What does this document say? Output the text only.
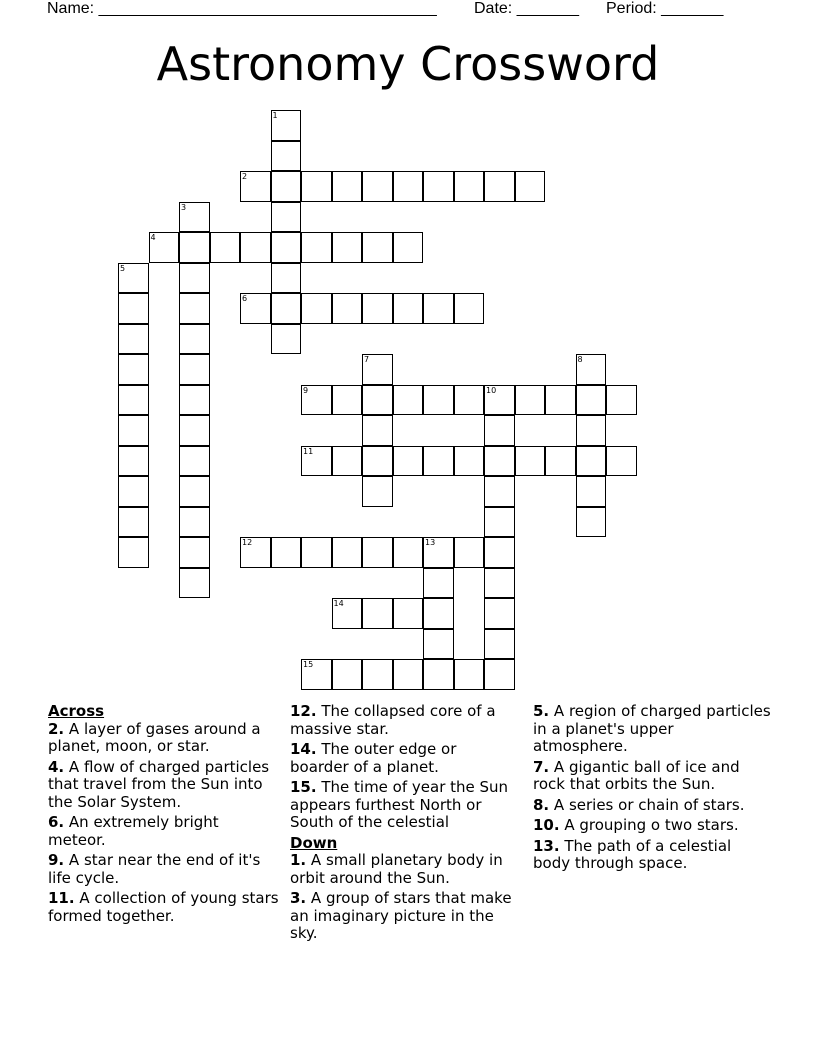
Name: ______________________________________ Date: _______ Period: _______
Astronomy Crossword
1
2
3
4
5
6
7	8
9	10
11
12	13
14
15
Across
2. A layer of gases around a planet, moon, or star.
4. A flow of charged particles that travel from the Sun into the Solar System.
6. An extremely bright meteor.
9. A star near the end of it's life cycle.
11. A collection of young stars formed together.
12. The collapsed core of a massive star.
14. The outer edge or boarder of a planet.
15. The time of year the Sun appears furthest North or South of the celestial
Down
1. A small planetary body in orbit around the Sun.
3. A group of stars that make an imaginary picture in the sky.
5. A region of charged particles in a planet's upper atmosphere.
7. A gigantic ball of ice and rock that orbits the Sun.
8. A series or chain of stars.
10. A grouping o two stars.
13. The path of a celestial body through space.
